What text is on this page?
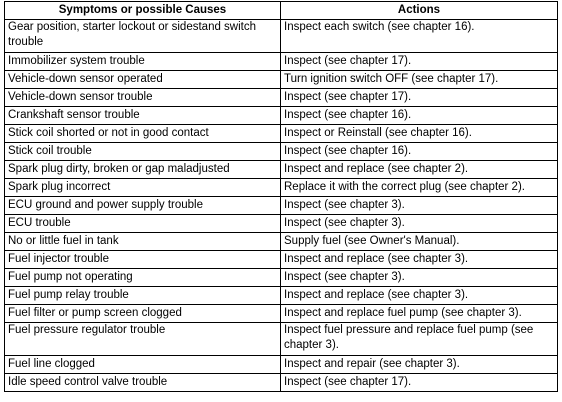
Symptoms or possible Causes	Actions
Gear position, starter lockout or sidestand switch trouble	Inspect each switch (see chapter 16).
Immobilizer system trouble	Inspect (see chapter 17).
Vehicle-down sensor operated	Turn ignition switch OFF (see chapter 17).
Vehicle-down sensor trouble	Inspect (see chapter 17).
Crankshaft sensor trouble	Inspect (see chapter 16).
Stick coil shorted or not in good contact	Inspect or Reinstall (see chapter 16).
Stick coil trouble	Inspect (see chapter 16).
Spark plug dirty, broken or gap maladjusted	Inspect and replace (see chapter 2).
Spark plug incorrect	Replace it with the correct plug (see chapter 2).
ECU ground and power supply trouble	Inspect (see chapter 3).
ECU trouble	Inspect (see chapter 3).
No or little fuel in tank	Supply fuel (see Owner's Manual).
Fuel injector trouble	Inspect and replace (see chapter 3).
Fuel pump not operating	Inspect (see chapter 3).
Fuel pump relay trouble	Inspect and replace (see chapter 3).
Fuel filter or pump screen clogged	Inspect and replace fuel pump (see chapter 3).
Fuel pressure regulator trouble	Inspect fuel pressure and replace fuel pump (see chapter 3).
Fuel line clogged	Inspect and repair (see chapter 3).
Idle speed control valve trouble	Inspect (see chapter 17).
